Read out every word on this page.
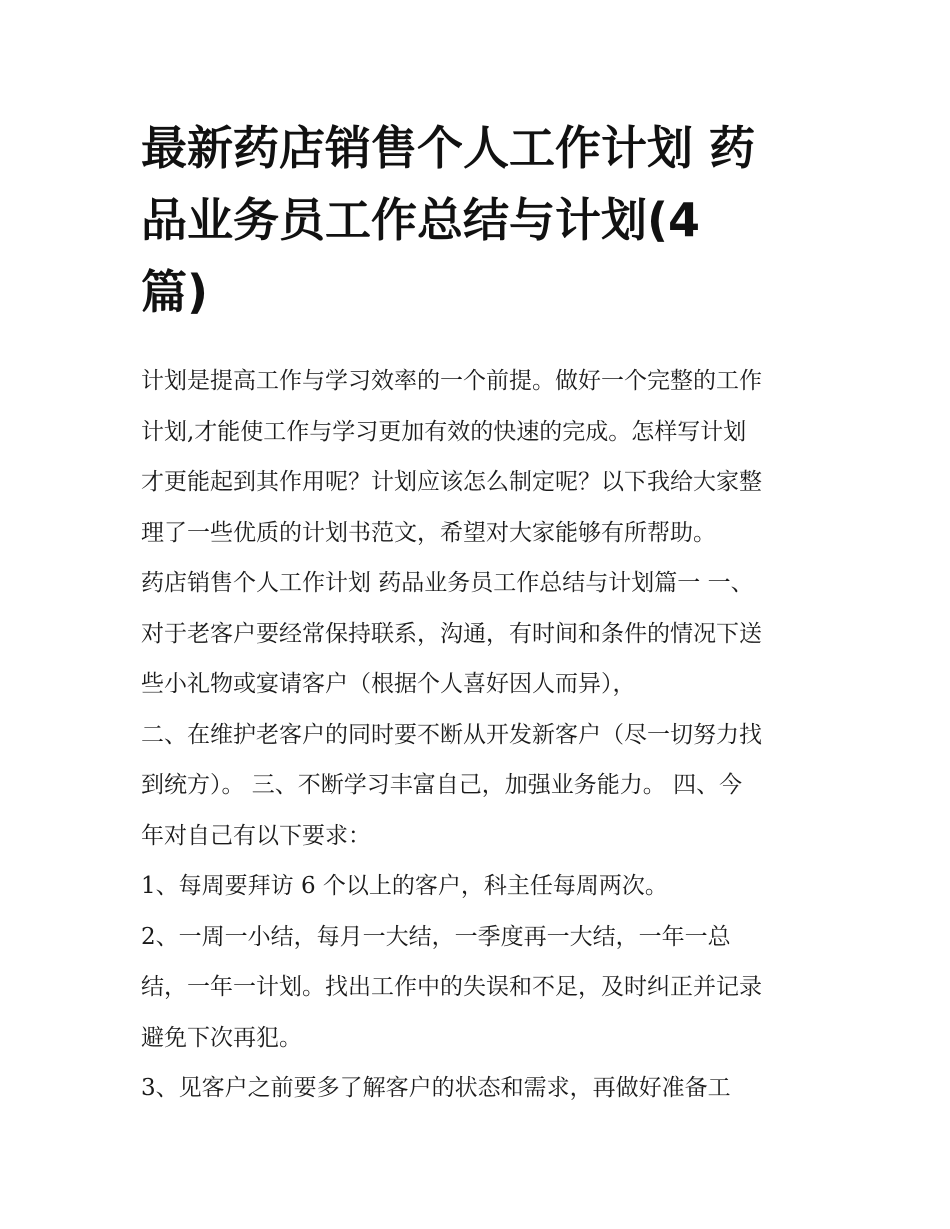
最新药店销售个人工作计划 药
品业务员工作总结与计划(4
篇)
计划是提高工作与学习效率的一个前提。做好一个完整的工作
计划,才能使工作与学习更加有效的快速的完成。怎样写计划
才更能起到其作用呢？计划应该怎么制定呢？以下我给大家整
理了一些优质的计划书范文，希望对大家能够有所帮助。
药店销售个人工作计划 药品业务员工作总结与计划篇一 一、
对于老客户要经常保持联系，沟通，有时间和条件的情况下送
些小礼物或宴请客户（根据个人喜好因人而异），
二、在维护老客户的同时要不断从开发新客户（尽一切努力找
到统方）。 三、不断学习丰富自己，加强业务能力。 四、今
年对自己有以下要求：
1、每周要拜访 6 个以上的客户，科主任每周两次。
2、一周一小结，每月一大结，一季度再一大结，一年一总
结，一年一计划。找出工作中的失误和不足，及时纠正并记录
避免下次再犯。
3、见客户之前要多了解客户的状态和需求，再做好准备工
